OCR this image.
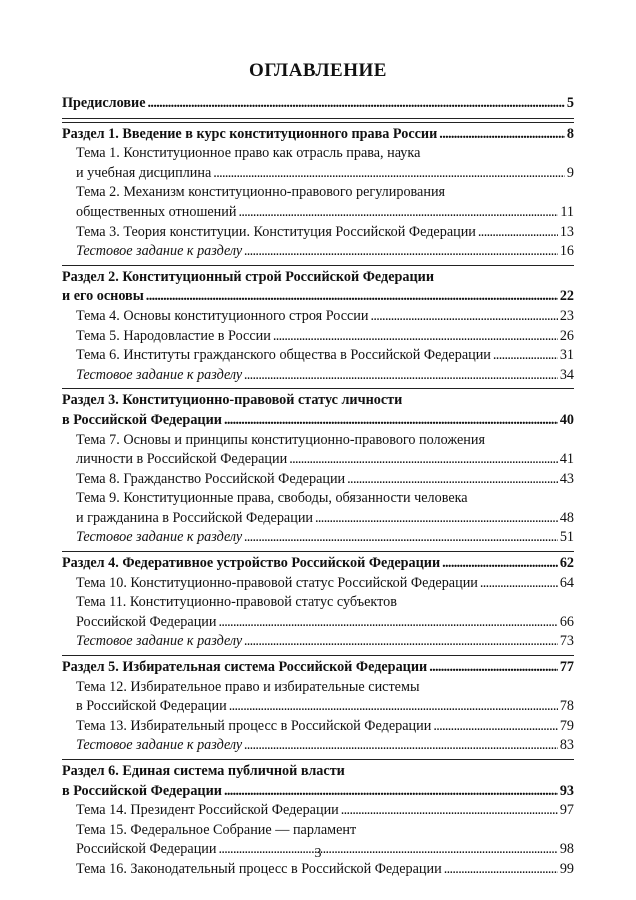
ОГЛАВЛЕНИЕ
Предисловие . . .	5
Раздел 1. Введение в курс конституционного права России . . .	8
Тема 1. Конституционное право как отрасль права, наука
и учебная дисциплина . . .	9
Тема 2. Механизм конституционно-правового регулирования
общественных отношений . . .	11
Тема 3. Теория конституции. Конституция Российской Федерации . . .	13
Тестовое задание к разделу . . .	16
Раздел 2. Конституционный строй Российской Федерации
и его основы . . .	22
Тема 4. Основы конституционного строя России . . .	23
Тема 5. Народовластие в России . . .	26
Тема 6. Институты гражданского общества в Российской Федерации . . .	31
Тестовое задание к разделу . . .	34
Раздел 3. Конституционно-правовой статус личности
в Российской Федерации . . .	40
Тема 7. Основы и принципы конституционно-правового положения
личности в Российской Федерации . . .	41
Тема 8. Гражданство Российской Федерации . . .	43
Тема 9. Конституционные права, свободы, обязанности человека
и гражданина в Российской Федерации . . .	48
Тестовое задание к разделу . . .	51
Раздел 4. Федеративное устройство Российской Федерации . . .	62
Тема 10. Конституционно-правовой статус Российской Федерации . . .	64
Тема 11. Конституционно-правовой статус субъектов
Российской Федерации . . .	66
Тестовое задание к разделу . . .	73
Раздел 5. Избирательная система Российской Федерации . . .	77
Тема 12. Избирательное право и избирательные системы
в Российской Федерации . . .	78
Тема 13. Избирательный процесс в Российской Федерации . . .	79
Тестовое задание к разделу . . .	83
Раздел 6. Единая система публичной власти
в Российской Федерации . . .	93
Тема 14. Президент Российской Федерации . . .	97
Тема 15. Федеральное Собрание — парламент
Российской Федерации . . .	98
Тема 16. Законодательный процесс в Российской Федерации . . .	99
3
